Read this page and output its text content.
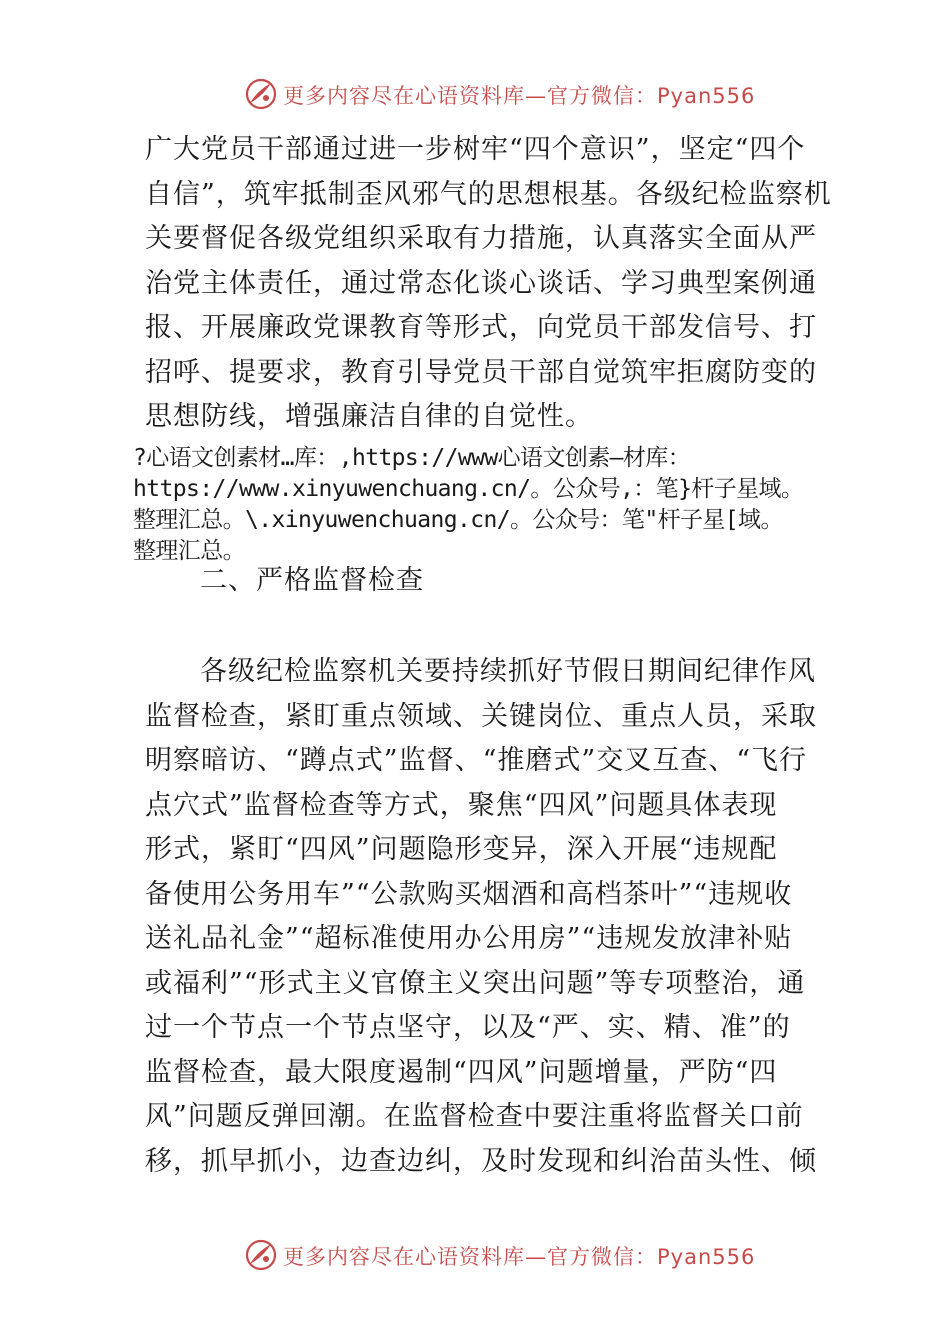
更多内容尽在心语资料库—官方微信：Pyan556
广大党员干部通过进一步树牢“四个意识”，坚定“四个
自信”，筑牢抵制歪风邪气的思想根基。各级纪检监察机
关要督促各级党组织采取有力措施，认真落实全面从严
治党主体责任，通过常态化谈心谈话、学习典型案例通
报、开展廉政党课教育等形式，向党员干部发信号、打
招呼、提要求，教育引导党员干部自觉筑牢拒腐防变的
思想防线，增强廉洁自律的自觉性。
?心语文创素材…库：,https://www心语文创素—材库：
https://www.xinyuwenchuang.cn/。公众号,：笔}杆子星域。
整理汇总。\.xinyuwenchuang.cn/。公众号：笔"杆子星[域。
整理汇总。
二、严格监督检查
各级纪检监察机关要持续抓好节假日期间纪律作风
监督检查，紧盯重点领域、关键岗位、重点人员，采取
明察暗访、“蹲点式”监督、“推磨式”交叉互查、“飞行
点穴式”监督检查等方式，聚焦“四风”问题具体表现
形式，紧盯“四风”问题隐形变异，深入开展“违规配
备使用公务用车”“公款购买烟酒和高档茶叶”“违规收
送礼品礼金”“超标准使用办公用房”“违规发放津补贴
或福利”“形式主义官僚主义突出问题”等专项整治，通
过一个节点一个节点坚守，以及“严、实、精、准”的
监督检查，最大限度遏制“四风”问题增量，严防“四
风”问题反弹回潮。在监督检查中要注重将监督关口前
移，抓早抓小，边查边纠，及时发现和纠治苗头性、倾
更多内容尽在心语资料库—官方微信：Pyan556
